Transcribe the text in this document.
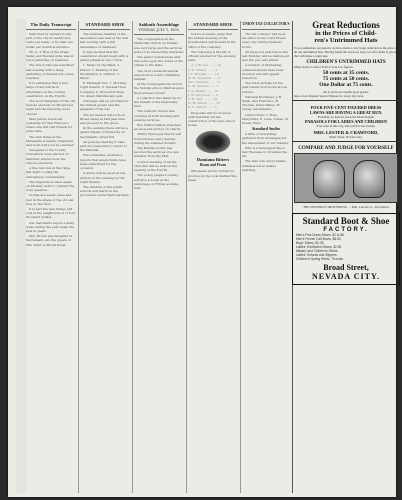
The Daily Transcript

Delivered by carriers to any part of the city at twenty-five cents per week, or by mail one dollar per month in advance.

Mr. A. T. Rice of the Grass Valley and Nevada mine was in town yesterday on business.

The Union hall was well filled last evening with a large gathering of citizens who came together.

It is estimated that a very large crowd will be in attendance at the coming celebration on the Fourth.

The Good Templars of this city held an election of officers last night and the following were chosen.

Miss Jennie Lewis left yesterday for San Francisco where she will visit friends for some time.

The new flume at the Manzanita is nearly completed and work will soon be resumed.

Delegates to the County Convention were elected on Saturday afternoon at the various precincts.

A fine rain fell on the ridge last night cooling the atmosphere considerably.

The Supervisors meet again on Monday next to consider the road question.

Ye that are weary come and rest in the shade of the old oak tree by the river.

It is said the new bridge will cost in the neighborhood of four thousand dollars.

Our merchants report a lively trade during the past week, the best in years.

Mrs. Brown and daughter of Sacramento are the guests of Mrs. Kidd on Broad street.

STANDARD SHOE

The business meeting of the association was held at the hall last evening with a full attendance of members.

It was decided that the celebration should begin with a grand parade at ten o'clock.

1. Music by the Band. 2. Prayer. 3. Reading of the Declaration. 4. Oration. 5. Music.

6. Midnight Sun. 7. Morning Light Guards. 8. Nevada Hose Company. 9. Protection Hose. 10. Grand Marshal and aids.

Carriages will be provided for the invited guests and the speakers of the day.

The procession will form on Broad street at half past nine and proceed to the grove.

In the evening there will be a grand display of fireworks on Sacramento street hill.

All persons desiring to take part are requested to report to the Marshal.

The committee on finance reports that ample funds have been subscribed for the occasion.

A dance will be given at the Armory in the evening by the Light Guards.

The children of the public schools will march in the procession under their teachers.

Sabbath Assemblage
TUESDAY, JULY 1, 1890.

The congregation at the Methodist church on Sunday was very large and the services were of an interesting character.

The pastor delivered an able discourse upon the duties of the citizen to the state.

The choir rendered several selections in a very creditable manner.

At the Congregational church the Sunday school children gave their annual concert.

A collection was taken up for the benefit of the missionary fund.

The Catholic church was crowded at both morning and evening services.

Rev. Father Dalton preached an eloquent sermon on charity.

Trinity Episcopal church will hold services every Sunday during the summer months.

The Baptist society has secured the services of a new minister from the East.

A union meeting of all the churches will be held on the evening of the Fourth.

The young people's society will give a social at the parsonage on Friday evening next.

STANDARD SHOE

Notice is hereby given that the annual meeting of the stockholders will be held at the office of the company.

The following is the list of officers elected for the ensuing term.

A. J. Brown ........ 12
C. E. Mulloy ....... 9
J. T. Morgan ....... 14
W. H. Crawford ..... 8
Geo. Fletcher ...... 11
E. M. Preston ...... 7
F. G. Beatty ....... 13
J. W. Ferguson ..... 6
T. H. Carr ......... 10
H. M. Smith ........ 15
D. S. Abbott ....... 5

Proposals will be received until Saturday for the construction of the new school house.

Damiana Bitters
Beans and Pecan

Wholesale prices current for produce in the local market this week.

UNION TAX COLLECTOR'S

The tax collector will be at his office in the Court House every day during business hours.

All taxes not paid before the last Monday will be delinquent and five per cent added.

A number of interesting communications have been received and will appear tomorrow.

The hotel arrivals for the past twenty-four hours are as follows.

National Exchange: J. B. Wells, San Francisco; R. Thomas, Grass Valley; M. Young, Sacramento.

Union Hotel: C. Ross, Marysville; E. Lane, Colfax; W. Green, Reno.

Standard Smiles

A little of everything gathered from exchanges for the amusement of our readers.

Why is a newspaper like a fan? Because it circulates the air.

The man who never makes mistakes never makes anything.

Great Reductions
in the Prices of Child-
ren's Untrimmed Hats
To accommodate our patrons we have made a very large reduction in the price of all our untrimmed hats. Having found the stock too large we offer them at prices that will make a rapid sale.
CHILDREN'S UNTRIMMED HATS
Many styles to select from at very low figures.
50 cents at 35 cents.
75 cents at 50 cents.
One Dollar at 75 cents.
All at above in equally good grades.
One of our Popular Special Shapes for every day wear.
FOUR FIVE-CENT FIGURED DRESS
LAWNS ARE HAVING A GREAT RUN.
Probably we have in stock the Most Elegant
PARASOLS FOR LADIES AND CHILDREN
Ever seen in this city, and sold for less money.
MRS. LESTER & CRAWFORD,
Main Street, Nevada City.
COMPARE AND JUDGE FOR YOURSELF
THE ONE PRICE SHOE HOUSE — Hall, Latz & Co., Proprietors
Standard Boot & Shoe
FACTORY.
Men's Fine Dress Shoes, $2 to $5.
Men's French Calf Boots, $6.50.
Boys' Shoes, $1.25.
Ladies' Kid Button Shoes, $2.50.
Misses' and Children's Shoes.
Ladies' Oxfords and Slippers.
Children's Spring Heels, 75 cents.
Broad Street,
NEVADA CITY.
